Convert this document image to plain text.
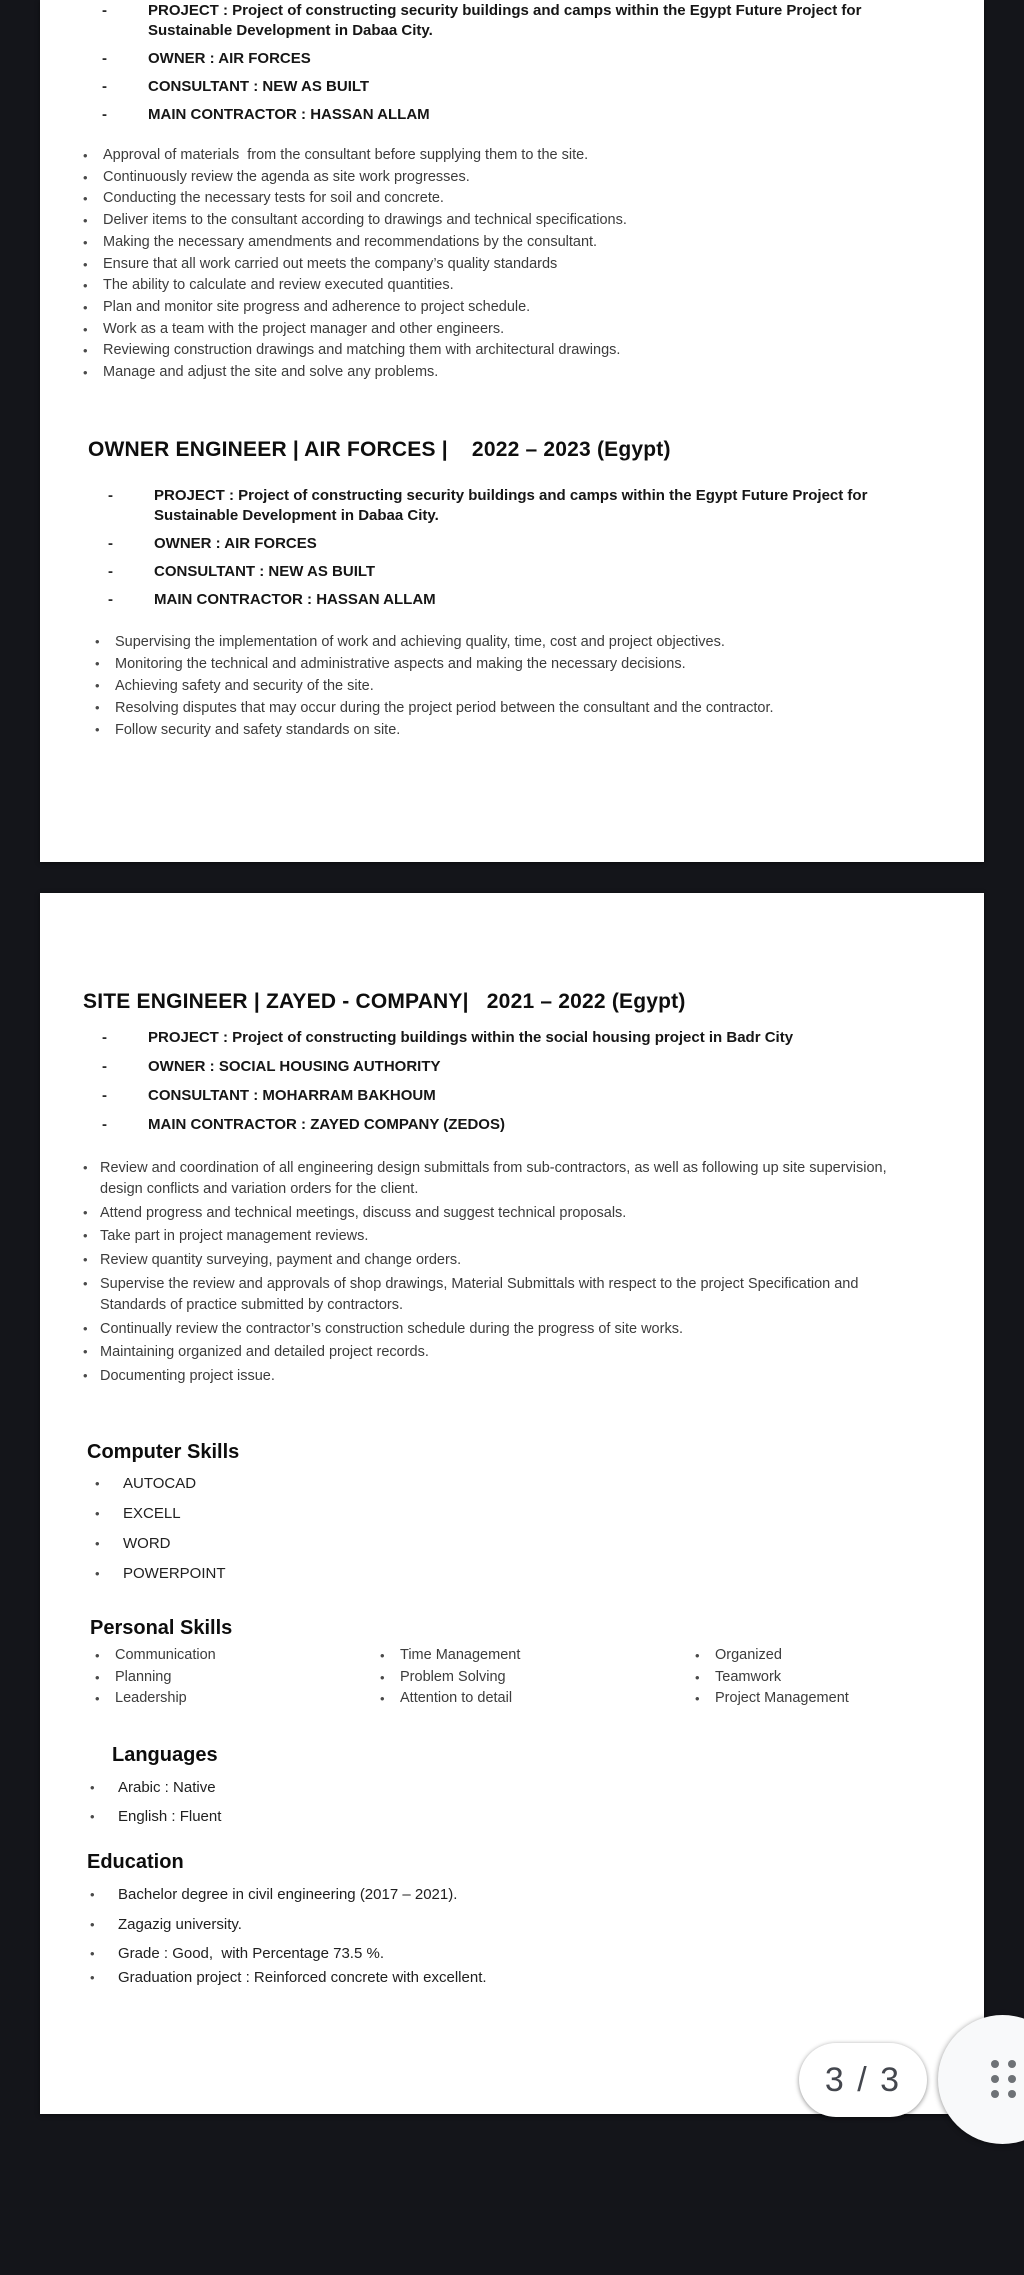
- PROJECT : Project of constructing security buildings and camps within the Egypt Future Project for Sustainable Development in Dabaa City.
- OWNER : AIR FORCES
- CONSULTANT : NEW AS BUILT
- MAIN CONTRACTOR : HASSAN ALLAM
• Approval of materials  from the consultant before supplying them to the site.
• Continuously review the agenda as site work progresses.
• Conducting the necessary tests for soil and concrete.
• Deliver items to the consultant according to drawings and technical specifications.
• Making the necessary amendments and recommendations by the consultant.
• Ensure that all work carried out meets the company’s quality standards
• The ability to calculate and review executed quantities.
• Plan and monitor site progress and adherence to project schedule.
• Work as a team with the project manager and other engineers.
• Reviewing construction drawings and matching them with architectural drawings.
• Manage and adjust the site and solve any problems.
OWNER ENGINEER | AIR FORCES |    2022 – 2023 (Egypt)
- PROJECT : Project of constructing security buildings and camps within the Egypt Future Project for Sustainable Development in Dabaa City.
- OWNER : AIR FORCES
- CONSULTANT : NEW AS BUILT
- MAIN CONTRACTOR : HASSAN ALLAM
• Supervising the implementation of work and achieving quality, time, cost and project objectives.
• Monitoring the technical and administrative aspects and making the necessary decisions.
• Achieving safety and security of the site.
• Resolving disputes that may occur during the project period between the consultant and the contractor.
• Follow security and safety standards on site.
SITE ENGINEER | ZAYED - COMPANY|   2021 – 2022 (Egypt)
- PROJECT : Project of constructing buildings within the social housing project in Badr City
- OWNER : SOCIAL HOUSING AUTHORITY
- CONSULTANT : MOHARRAM BAKHOUM
- MAIN CONTRACTOR : ZAYED COMPANY (ZEDOS)
• Review and coordination of all engineering design submittals from sub-contractors, as well as following up site supervision, design conflicts and variation orders for the client.
• Attend progress and technical meetings, discuss and suggest technical proposals.
• Take part in project management reviews.
• Review quantity surveying, payment and change orders.
• Supervise the review and approvals of shop drawings, Material Submittals with respect to the project Specification and Standards of practice submitted by contractors.
• Continually review the contractor’s construction schedule during the progress of site works.
• Maintaining organized and detailed project records.
• Documenting project issue.
Computer Skills
• AUTOCAD
• EXCELL
• WORD
• POWERPOINT
Personal Skills
• Communication
• Planning
• Leadership
• Time Management
• Problem Solving
• Attention to detail
• Organized
• Teamwork
• Project Management
Languages
• Arabic : Native
• English : Fluent
Education
• Bachelor degree in civil engineering (2017 – 2021).
• Zagazig university.
• Grade : Good,  with Percentage 73.5 %.
• Graduation project : Reinforced concrete with excellent.
3 / 3
